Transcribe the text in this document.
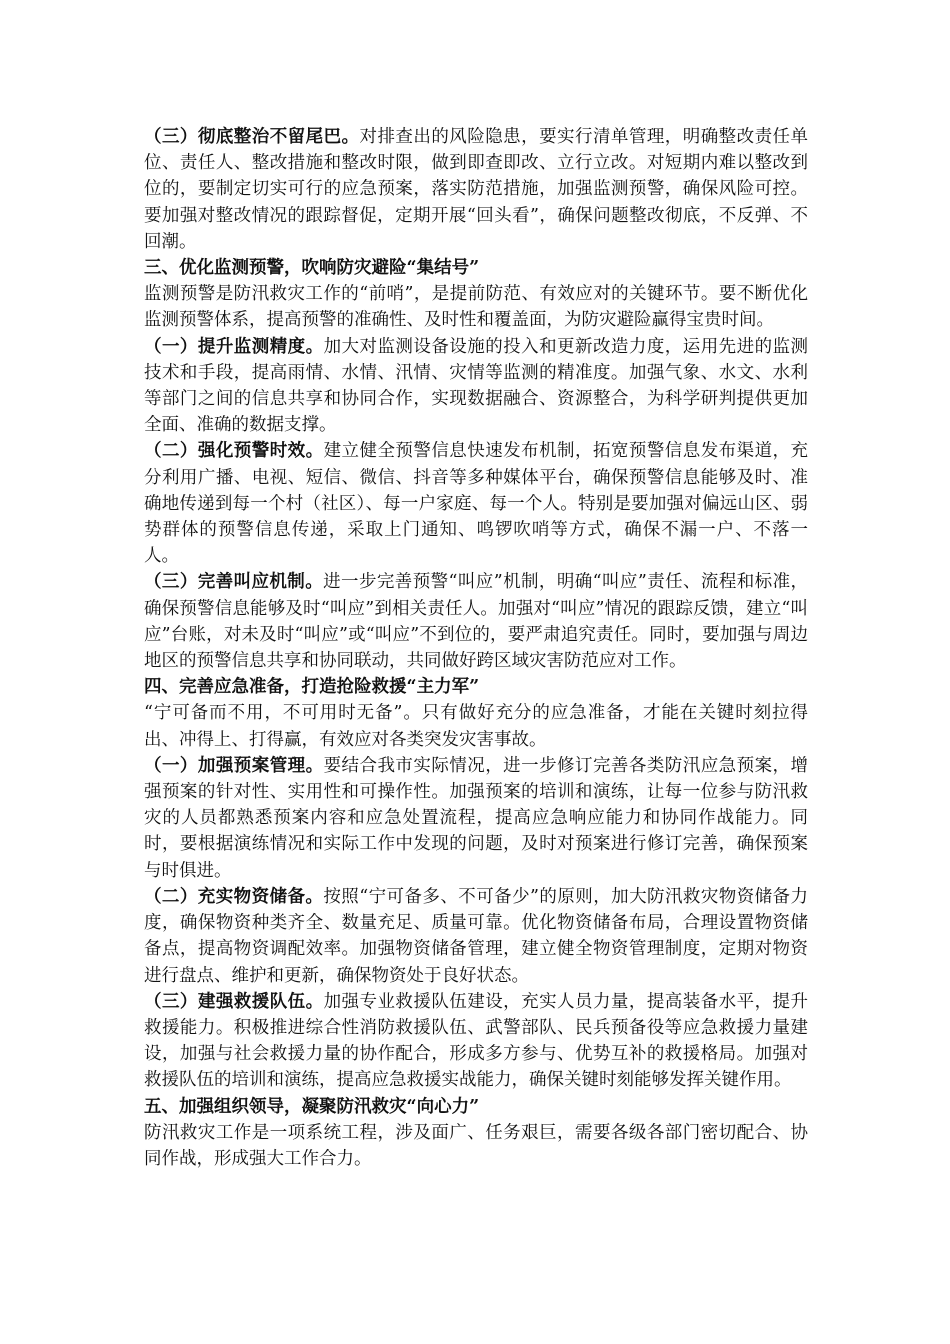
（三）彻底整治不留尾巴。对排查出的风险隐患，要实行清单管理，明确整改责任单位、责任人、整改措施和整改时限，做到即查即改、立行立改。对短期内难以整改到位的，要制定切实可行的应急预案，落实防范措施，加强监测预警，确保风险可控。要加强对整改情况的跟踪督促，定期开展“回头看”，确保问题整改彻底，不反弹、不回潮。

三、优化监测预警，吹响防灾避险“集结号”

监测预警是防汛救灾工作的“前哨”，是提前防范、有效应对的关键环节。要不断优化监测预警体系，提高预警的准确性、及时性和覆盖面，为防灾避险赢得宝贵时间。

（一）提升监测精度。加大对监测设备设施的投入和更新改造力度，运用先进的监测技术和手段，提高雨情、水情、汛情、灾情等监测的精准度。加强气象、水文、水利等部门之间的信息共享和协同合作，实现数据融合、资源整合，为科学研判提供更加全面、准确的数据支撑。

（二）强化预警时效。建立健全预警信息快速发布机制，拓宽预警信息发布渠道，充分利用广播、电视、短信、微信、抖音等多种媒体平台，确保预警信息能够及时、准确地传递到每一个村（社区）、每一户家庭、每一个人。特别是要加强对偏远山区、弱势群体的预警信息传递，采取上门通知、鸣锣吹哨等方式，确保不漏一户、不落一人。

（三）完善叫应机制。进一步完善预警“叫应”机制，明确“叫应”责任、流程和标准，确保预警信息能够及时“叫应”到相关责任人。加强对“叫应”情况的跟踪反馈，建立“叫应”台账，对未及时“叫应”或“叫应”不到位的，要严肃追究责任。同时，要加强与周边地区的预警信息共享和协同联动，共同做好跨区域灾害防范应对工作。

四、完善应急准备，打造抢险救援“主力军”

“宁可备而不用，不可用时无备”。只有做好充分的应急准备，才能在关键时刻拉得出、冲得上、打得赢，有效应对各类突发灾害事故。

（一）加强预案管理。要结合我市实际情况，进一步修订完善各类防汛应急预案，增强预案的针对性、实用性和可操作性。加强预案的培训和演练，让每一位参与防汛救灾的人员都熟悉预案内容和应急处置流程，提高应急响应能力和协同作战能力。同时，要根据演练情况和实际工作中发现的问题，及时对预案进行修订完善，确保预案与时俱进。

（二）充实物资储备。按照“宁可备多、不可备少”的原则，加大防汛救灾物资储备力度，确保物资种类齐全、数量充足、质量可靠。优化物资储备布局，合理设置物资储备点，提高物资调配效率。加强物资储备管理，建立健全物资管理制度，定期对物资进行盘点、维护和更新，确保物资处于良好状态。

（三）建强救援队伍。加强专业救援队伍建设，充实人员力量，提高装备水平，提升救援能力。积极推进综合性消防救援队伍、武警部队、民兵预备役等应急救援力量建设，加强与社会救援力量的协作配合，形成多方参与、优势互补的救援格局。加强对救援队伍的培训和演练，提高应急救援实战能力，确保关键时刻能够发挥关键作用。

五、加强组织领导，凝聚防汛救灾“向心力”

防汛救灾工作是一项系统工程，涉及面广、任务艰巨，需要各级各部门密切配合、协同作战，形成强大工作合力。
